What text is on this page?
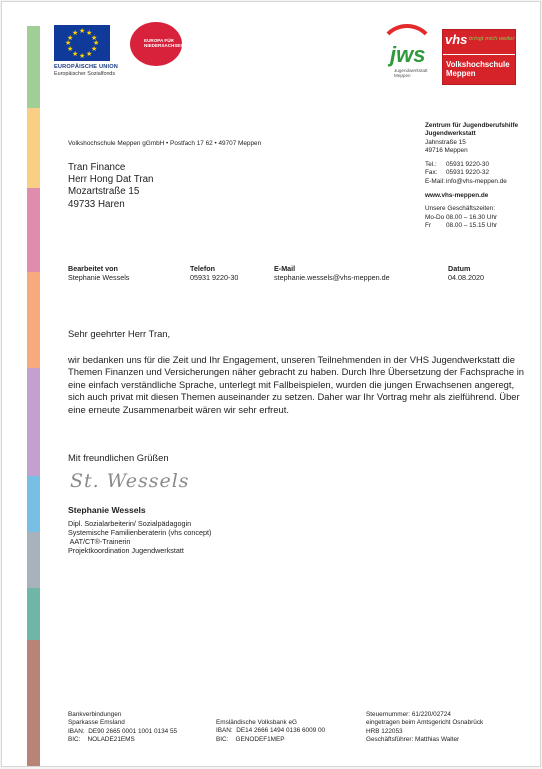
★ ★
★
★
★
★
★
★
★
★
★
★
EUROPÄISCHE UNION
Europäischer Sozialfonds
EUROPA FÜR
NIEDERSACHSEN	jws
Jugendwerkstatt
Meppen
vhs bringt mich weiter
Volkshochschule
Meppen
Volkshochschule Meppen gGmbH • Postfach 17 62 • 49707 Meppen
Tran Finance
Herr Hong Dat Tran
Mozartstraße 15
49733 Haren
Zentrum für Jugendberufshilfe
Jugendwerkstatt
Jahnstraße 15
49716 Meppen
Tel.:	05931 9220-30
Fax:	05931 9220-32
E-Mail: info@vhs-meppen.de
www.vhs-meppen.de
Unsere Geschäftszeiten:
Mo-Do 08.00 – 16.30 Uhr
Fr	08.00 – 15.15 Uhr
Bearbeitet von
Stephanie Wessels
Telefon
05931 9220-30
E-Mail
stephanie.wessels@vhs-meppen.de
Datum
04.08.2020
Sehr geehrter Herr Tran,
wir bedanken uns für die Zeit und Ihr Engagement, unseren Teilnehmenden in der VHS Jugendwerkstatt die Themen Finanzen und Versicherungen näher gebracht zu haben. Durch Ihre Übersetzung der Fachsprache in eine einfach verständliche Sprache, unterlegt mit Fallbeispielen, wurden die jungen Erwachsenen angeregt, sich auch privat mit diesen Themen auseinander zu setzen. Daher war Ihr Vortrag mehr als zielführend. Über eine erneute Zusammenarbeit wären wir sehr erfreut.
Mit freundlichen Grüßen
St. Wessels
Stephanie Wessels
Dipl. Sozialarbeiterin/ Sozialpädagogin
Systemische Familienberaterin (vhs concept)
AAT/CT®-Trainerin
Projektkoordination Jugendwerkstatt
Bankverbindungen
Sparkasse Emsland
IBAN:  DE90 2665 0001 1001 0134 55
BIC:    NOLADE21EMS
Emsländische Volksbank eG
IBAN:  DE14 2666 1494 0136 6009 00
BIC:    GENODEF1MEP
Steuernummer: 61/220/02724
eingetragen beim Amtsgericht Osnabrück
HRB 122053
Geschäftsführer: Matthias Walter
